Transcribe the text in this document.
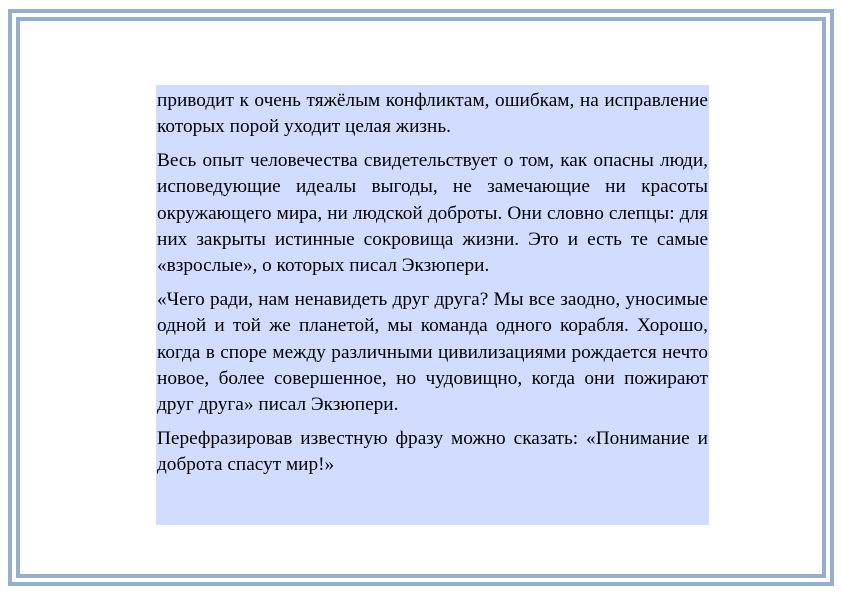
приводит к очень тяжёлым конфликтам, ошибкам, на исправление которых порой уходит целая жизнь.

Весь опыт человечества свидетельствует о том, как опасны люди, исповедующие идеалы выгоды, не замечающие ни красоты окружающего мира, ни людской доброты. Они словно слепцы: для них закрыты истинные сокровища жизни. Это и есть те самые «взрослые», о которых писал Экзюпери.

«Чего ради, нам ненавидеть друг друга? Мы все заодно, уносимые одной и той же планетой, мы команда одного корабля. Хорошо, когда в споре между различными цивилизациями рождается нечто новое, более совершенное, но чудовищно, когда они пожирают друг друга» писал Экзюпери.

Перефразировав известную фразу можно сказать: «Понимание и доброта спасут мир!»
